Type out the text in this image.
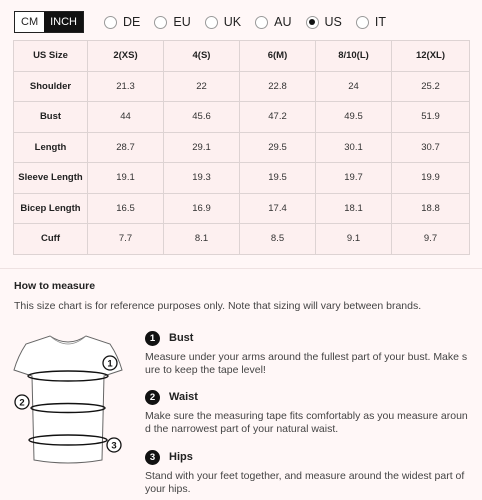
CM	INCH	DE	EU	UK	AU	US	IT
US Size	2(XS)	4(S)	6(M)	8/10(L)	12(XL)
Shoulder	21.3	22	22.8	24	25.2
Bust	44	45.6	47.2	49.5	51.9
Length	28.7	29.1	29.5	30.1	30.7
Sleeve Length	19.1	19.3	19.5	19.7	19.9
Bicep Length	16.5	16.9	17.4	18.1	18.8
Cuff	7.7	8.1	8.5	9.1	9.7
How to measure
This size chart is for reference purposes only. Note that sizing will vary between brands.
1
2
3
1	Bust
Measure under your arms around the fullest part of your bust. Make s
ure to keep the tape level!
2	Waist
Make sure the measuring tape fits comfortably as you measure aroun
d the narrowest part of your natural waist.
3	Hips
Stand with your feet together, and measure around the widest part of
your hips.
